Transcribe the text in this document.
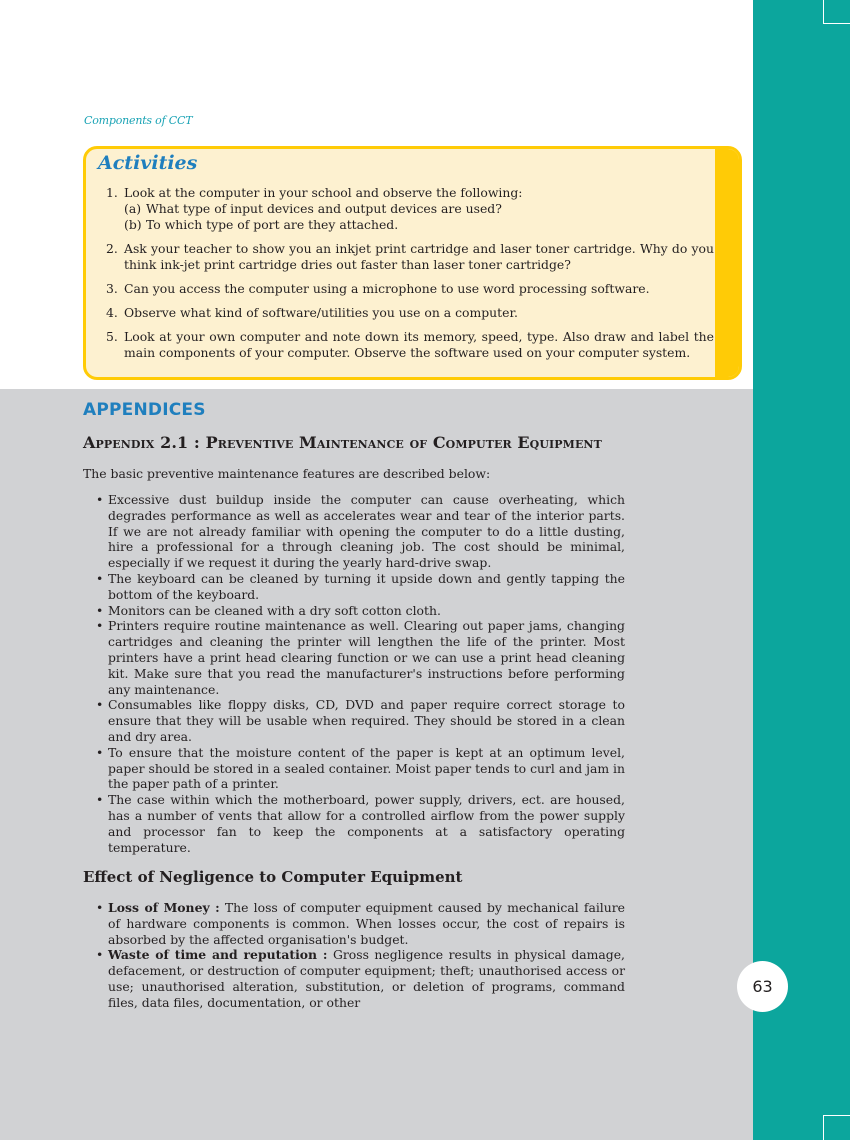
63
Components of CCT
Activities
1. Look at the computer in your school and observe the following:
(a) What type of input devices and output devices are used?
(b) To which type of port are they attached.
2. Ask your teacher to show you an inkjet print cartridge and laser toner cartridge. Why do you think ink-jet print cartridge dries out faster than laser toner cartridge?
3. Can you access the computer using a microphone to use word processing software.
4. Observe what kind of software/utilities you use on a computer.
5. Look at your own computer and note down its memory, speed, type. Also draw and label the main components of your computer. Observe the software used on your computer system.
APPENDICES
Appendix 2.1 : Preventive Maintenance of Computer Equipment
The basic preventive maintenance features are described below:
• Excessive dust buildup inside the computer can cause overheating, which degrades performance as well as accelerates wear and tear of the interior parts. If we are not already familiar with opening the computer to do a little dusting, hire a professional for a through cleaning job. The cost should be minimal, especially if we request it during the yearly hard-drive swap.
• The keyboard can be cleaned by turning it upside down and gently tapping the bottom of the keyboard.
• Monitors can be cleaned with a dry soft cotton cloth.
• Printers require routine maintenance as well. Clearing out paper jams, changing cartridges and cleaning the printer will lengthen the life of the printer. Most printers have a print head clearing function or we can use a print head cleaning kit. Make sure that you read the manufacturer's instructions before performing any maintenance.
• Consumables like floppy disks, CD, DVD and paper require correct storage to ensure that they will be usable when required. They should be stored in a clean and dry area.
• To ensure that the moisture content of the paper is kept at an optimum level, paper should be stored in a sealed container. Moist paper tends to curl and jam in the paper path of a printer.
• The case within which the motherboard, power supply, drivers, ect. are housed, has a number of vents that allow for a controlled airflow from the power supply and processor fan to keep the components at a satisfactory operating temperature.
Effect of Negligence to Computer Equipment
• Loss of Money : The loss of computer equipment caused by mechanical failure of hardware components is common. When losses occur, the cost of repairs is absorbed by the affected organisation's budget.
• Waste of time and reputation : Gross negligence results in physical damage, defacement, or destruction of computer equipment; theft; unauthorised access or use; unauthorised alteration, substitution, or deletion of programs, command files, data files, documentation, or other
